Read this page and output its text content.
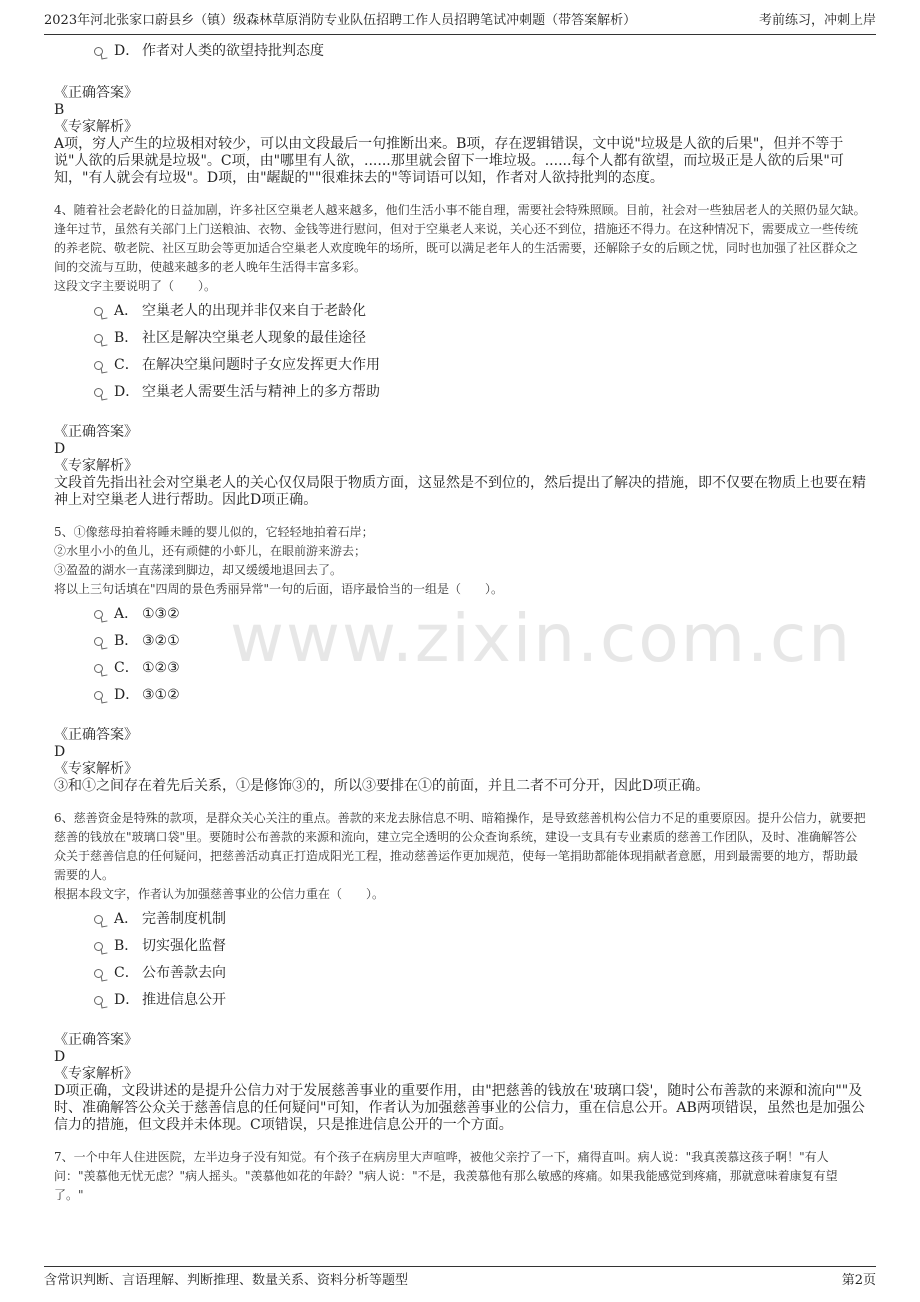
2023年河北张家口蔚县乡（镇）级森林草原消防专业队伍招聘工作人员招聘笔试冲刺题（带答案解析）	考前练习，冲刺上岸
www.zixin.com.cn
D． 作者对人类的欲望持批判态度
《正确答案》
B
《专家解析》
A项，穷人产生的垃圾相对较少，可以由文段最后一句推断出来。B项，存在逻辑错误，文中说"垃圾是人欲的后果"，但并不等于说"人欲的后果就是垃圾"。C项，由"哪里有人欲，......那里就会留下一堆垃圾。......每个人都有欲望，而垃圾正是人欲的后果"可知，"有人就会有垃圾"。D项，由"龌龊的""很难抹去的"等词语可以知，作者对人欲持批判的态度。
4、随着社会老龄化的日益加剧，许多社区空巢老人越来越多，他们生活小事不能自理，需要社会特殊照顾。目前，社会对一些独居老人的关照仍显欠缺。逢年过节，虽然有关部门上门送粮油、衣物、金钱等进行慰问，但对于空巢老人来说，关心还不到位，措施还不得力。在这种情况下，需要成立一些传统的养老院、敬老院、社区互助会等更加适合空巢老人欢度晚年的场所，既可以满足老年人的生活需要，还解除子女的后顾之忧，同时也加强了社区群众之间的交流与互助，使越来越多的老人晚年生活得丰富多彩。
这段文字主要说明了（　　）。
A． 空巢老人的出现并非仅来自于老龄化
B． 社区是解决空巢老人现象的最佳途径
C． 在解决空巢问题时子女应发挥更大作用
D． 空巢老人需要生活与精神上的多方帮助
《正确答案》
D
《专家解析》
文段首先指出社会对空巢老人的关心仅仅局限于物质方面，这显然是不到位的，然后提出了解决的措施，即不仅要在物质上也要在精神上对空巢老人进行帮助。因此D项正确。
5、①像慈母拍着将睡未睡的婴儿似的，它轻轻地拍着石岸；
②水里小小的鱼儿，还有顽健的小虾儿，在眼前游来游去；
③盈盈的湖水一直荡漾到脚边，却又缓缓地退回去了。
将以上三句话填在"四周的景色秀丽异常"一句的后面，语序最恰当的一组是（　　）。
A． ①③②
B． ③②①
C． ①②③
D． ③①②
《正确答案》
D
《专家解析》
③和①之间存在着先后关系，①是修饰③的，所以③要排在①的前面，并且二者不可分开，因此D项正确。
6、慈善资金是特殊的款项，是群众关心关注的重点。善款的来龙去脉信息不明、暗箱操作，是导致慈善机构公信力不足的重要原因。提升公信力，就要把慈善的钱放在"玻璃口袋"里。要随时公布善款的来源和流向，建立完全透明的公众查询系统，建设一支具有专业素质的慈善工作团队，及时、准确解答公众关于慈善信息的任何疑问，把慈善活动真正打造成阳光工程，推动慈善运作更加规范，使每一笔捐助都能体现捐献者意愿，用到最需要的地方，帮助最需要的人。
根据本段文字，作者认为加强慈善事业的公信力重在（　　）。
A． 完善制度机制
B． 切实强化监督
C． 公布善款去向
D． 推进信息公开
《正确答案》
D
《专家解析》
D项正确，文段讲述的是提升公信力对于发展慈善事业的重要作用，由"把慈善的钱放在'玻璃口袋'，随时公布善款的来源和流向""及时、准确解答公众关于慈善信息的任何疑问"可知，作者认为加强慈善事业的公信力，重在信息公开。AB两项错误，虽然也是加强公信力的措施，但文段并未体现。C项错误，只是推进信息公开的一个方面。
7、一个中年人住进医院，左半边身子没有知觉。有个孩子在病房里大声喧哗，被他父亲拧了一下，痛得直叫。病人说："我真羡慕这孩子啊！"有人问："羡慕他无忧无虑？"病人摇头。"羡慕他如花的年龄？"病人说："不是，我羡慕他有那么敏感的疼痛。如果我能感觉到疼痛，那就意味着康复有望了。"
含常识判断、言语理解、判断推理、数量关系、资料分析等题型	第2页
